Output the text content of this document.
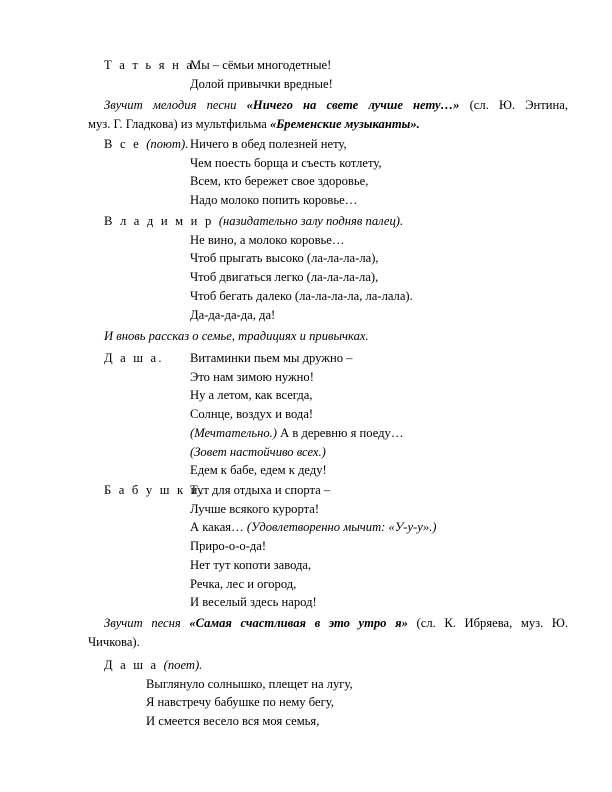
Т а т ь я н а.
Мы – сёмьи многодетные!
Долой привычки вредные!
Звучит мелодия песни «Ничего на свете лучше нету…» (сл. Ю. Энтина,
муз. Г. Гладкова) из мультфильма «Бременские музыканты».
В с е (поют). Ничего в обед полезней нету,
Чем поесть борща и съесть котлету,
Всем, кто бережет свое здоровье,
Надо молоко попить коровье…
В л а д и м и р (назидательно залу подняв палец).
Не вино, а молоко коровье…
Чтоб прыгать высоко (ла-ла-ла-ла),
Чтоб двигаться легко (ла-ла-ла-ла),
Чтоб бегать далеко (ла-ла-ла-ла, ла-лала).
Да-да-да-да, да!
И вновь рассказ о семье, традициях и привычках.
Д а ш а.	Витаминки пьем мы дружно –
Это нам зимою нужно!
Ну а летом, как всегда,
Солнце, воздух и вода!
(Мечтательно.) А в деревню я поеду…
(Зовет настойчиво всех.)
Едем к бабе, едем к деду!
Б а б у ш к и.
Тут для отдыха и спорта –
Лучше всякого курорта!
А какая… (Удовлетворенно мычит: «У-у-у».)
Приро-о-о-да!
Нет тут копоти завода,
Речка, лес и огород,
И веселый здесь народ!
Звучит песня «Самая счастливая в это утро я» (сл. К. Ибряева, муз. Ю.
Чичкова).
Д а ш а (поет).
Выглянуло солнышко, плещет на лугу,
Я навстречу бабушке по нему бегу,
И смеется весело вся моя семья,
